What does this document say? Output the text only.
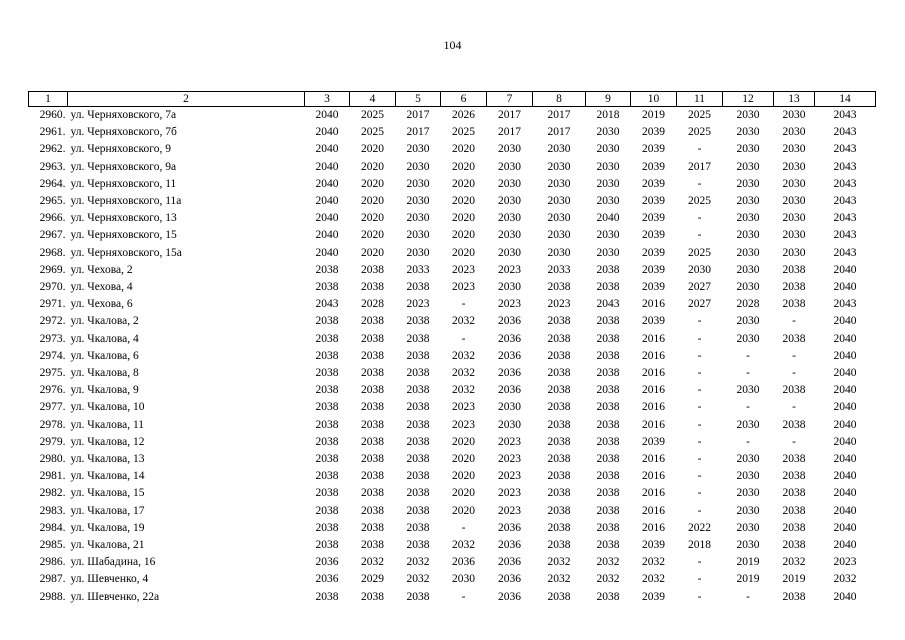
104
1	2	3	4	5	6	7	8	9	10	11	12	13	14
2960.	ул. Черняховского, 7а	2040	2025	2017	2026	2017	2017	2018	2019	2025	2030	2030	2043
2961.	ул. Черняховского, 7б	2040	2025	2017	2025	2017	2017	2030	2039	2025	2030	2030	2043
2962.	ул. Черняховского, 9	2040	2020	2030	2020	2030	2030	2030	2039	-	2030	2030	2043
2963.	ул. Черняховского, 9а	2040	2020	2030	2020	2030	2030	2030	2039	2017	2030	2030	2043
2964.	ул. Черняховского, 11	2040	2020	2030	2020	2030	2030	2030	2039	-	2030	2030	2043
2965.	ул. Черняховского, 11а	2040	2020	2030	2020	2030	2030	2030	2039	2025	2030	2030	2043
2966.	ул. Черняховского, 13	2040	2020	2030	2020	2030	2030	2040	2039	-	2030	2030	2043
2967.	ул. Черняховского, 15	2040	2020	2030	2020	2030	2030	2030	2039	-	2030	2030	2043
2968.	ул. Черняховского, 15а	2040	2020	2030	2020	2030	2030	2030	2039	2025	2030	2030	2043
2969.	ул. Чехова, 2	2038	2038	2033	2023	2023	2033	2038	2039	2030	2030	2038	2040
2970.	ул. Чехова, 4	2038	2038	2038	2023	2030	2038	2038	2039	2027	2030	2038	2040
2971.	ул. Чехова, 6	2043	2028	2023	-	2023	2023	2043	2016	2027	2028	2038	2043
2972.	ул. Чкалова, 2	2038	2038	2038	2032	2036	2038	2038	2039	-	2030	-	2040
2973.	ул. Чкалова, 4	2038	2038	2038	-	2036	2038	2038	2016	-	2030	2038	2040
2974.	ул. Чкалова, 6	2038	2038	2038	2032	2036	2038	2038	2016	-	-	-	2040
2975.	ул. Чкалова, 8	2038	2038	2038	2032	2036	2038	2038	2016	-	-	-	2040
2976.	ул. Чкалова, 9	2038	2038	2038	2032	2036	2038	2038	2016	-	2030	2038	2040
2977.	ул. Чкалова, 10	2038	2038	2038	2023	2030	2038	2038	2016	-	-	-	2040
2978.	ул. Чкалова, 11	2038	2038	2038	2023	2030	2038	2038	2016	-	2030	2038	2040
2979.	ул. Чкалова, 12	2038	2038	2038	2020	2023	2038	2038	2039	-	-	-	2040
2980.	ул. Чкалова, 13	2038	2038	2038	2020	2023	2038	2038	2016	-	2030	2038	2040
2981.	ул. Чкалова, 14	2038	2038	2038	2020	2023	2038	2038	2016	-	2030	2038	2040
2982.	ул. Чкалова, 15	2038	2038	2038	2020	2023	2038	2038	2016	-	2030	2038	2040
2983.	ул. Чкалова, 17	2038	2038	2038	2020	2023	2038	2038	2016	-	2030	2038	2040
2984.	ул. Чкалова, 19	2038	2038	2038	-	2036	2038	2038	2016	2022	2030	2038	2040
2985.	ул. Чкалова, 21	2038	2038	2038	2032	2036	2038	2038	2039	2018	2030	2038	2040
2986.	ул. Шабадина, 16	2036	2032	2032	2036	2036	2032	2032	2032	-	2019	2032	2023
2987.	ул. Шевченко, 4	2036	2029	2032	2030	2036	2032	2032	2032	-	2019	2019	2032
2988.	ул. Шевченко, 22а	2038	2038	2038	-	2036	2038	2038	2039	-	-	2038	2040
